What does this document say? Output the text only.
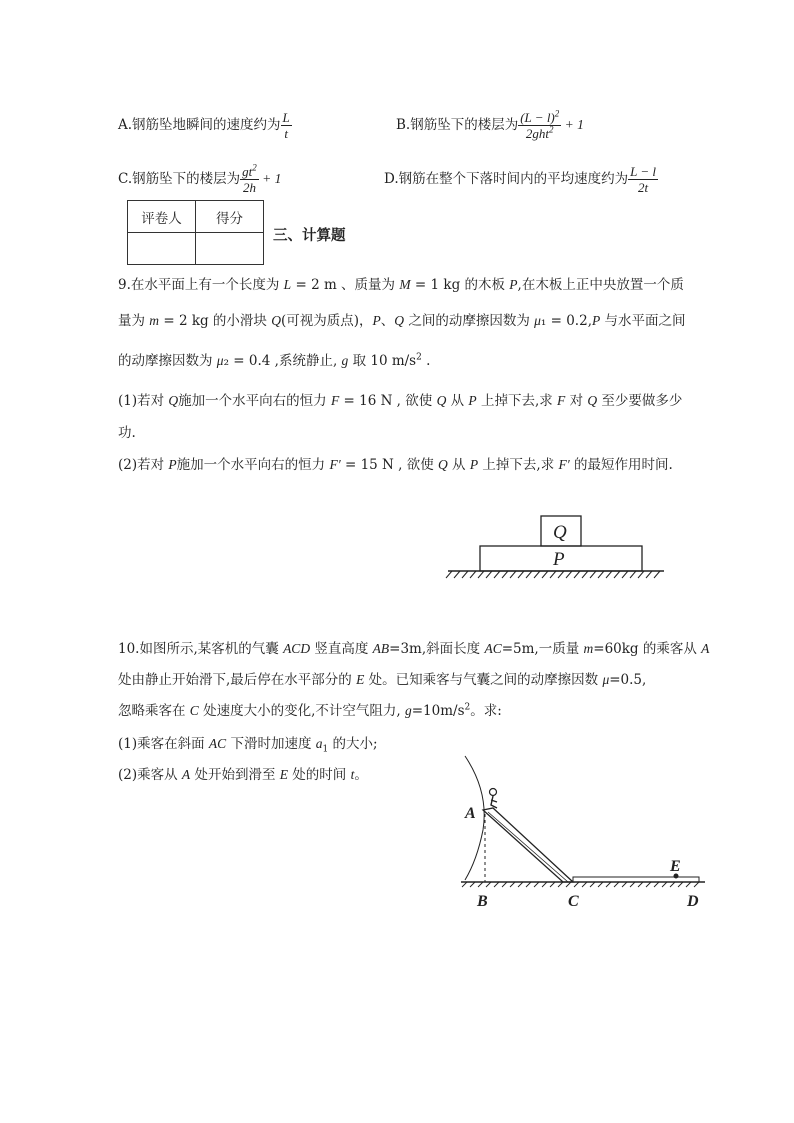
A.钢筋坠地瞬间的速度约为 $\frac{L}{t}$	B.钢筋坠下的楼层为 $\frac{(L - l)^2}{2ght^2} + 1$
C.钢筋坠下的楼层为 $\frac{gt^2}{2h} + 1$	D.钢筋在整个下落时间内的平均速度约为 $\frac{L - l}{2t}$
评卷人	得分

三、计算题
9.在水平面上有一个长度为 L = 2 m 、质量为 M = 1 kg 的木板 P,在木板上正中央放置一个质
量为 m = 2 kg 的小滑块 Q(可视为质点)，P、Q 之间的动摩擦因数为 μ₁ = 0.2,P 与水平面之间
的动摩擦因数为 μ₂ = 0.4 ,系统静止, g 取 10 $m/s^2$ .
(1)若对 Q施加一个水平向右的恒力 F = 16 N , 欲使 Q 从 P 上掉下去,求 F 对 Q 至少要做多少
功.
(2)若对 P施加一个水平向右的恒力 F′ = 15 N , 欲使 Q 从 P 上掉下去,求 F′ 的最短作用时间.
Q
P
10.如图所示,某客机的气囊 ACD 竖直高度 AB=3m,斜面长度 AC=5m,一质量 m=60kg 的乘客从 A
处由静止开始滑下,最后停在水平部分的 E 处。已知乘客与气囊之间的动摩擦因数 μ=0.5,
忽略乘客在 C 处速度大小的变化,不计空气阻力, $g=10m/s^2$。求:
(1)乘客在斜面 AC 下滑时加速度 $a_1$ 的大小;
(2)乘客从 A 处开始到滑至 E 处的时间 t。
A
B	C
E
D
